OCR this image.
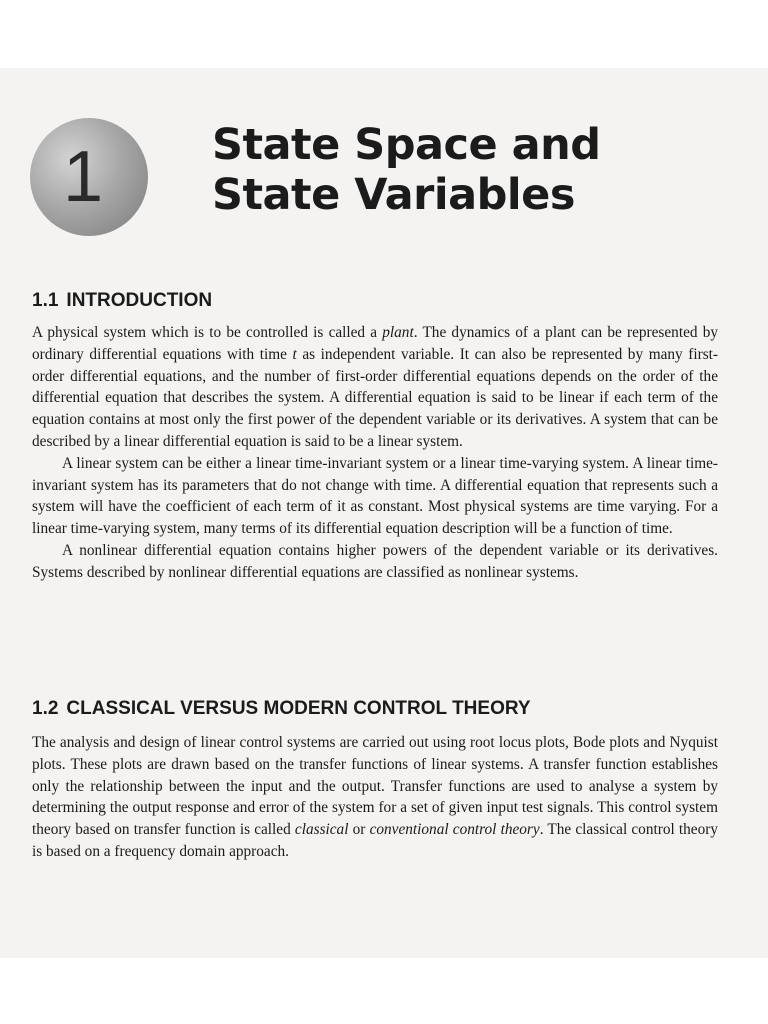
1	State Space and
State Variables
1.1 INTRODUCTION

A physical system which is to be controlled is called a plant. The dynamics of a plant can be represented by ordinary differential equations with time t as independent variable. It can also be represented by many first-order differential equations, and the number of first-order differential equations depends on the order of the differential equation that describes the system. A differential equation is said to be linear if each term of the equation contains at most only the first power of the dependent variable or its derivatives. A system that can be described by a linear differential equation is said to be a linear system.

A linear system can be either a linear time-invariant system or a linear time-varying system. A linear time-invariant system has its parameters that do not change with time. A differential equation that represents such a system will have the coefficient of each term of it as constant. Most physical systems are time varying. For a linear time-varying system, many terms of its differential equation description will be a function of time.

A nonlinear differential equation contains higher powers of the dependent variable or its derivatives. Systems described by nonlinear differential equations are classified as nonlinear systems.

1.2 CLASSICAL VERSUS MODERN CONTROL THEORY

The analysis and design of linear control systems are carried out using root locus plots, Bode plots and Nyquist plots. These plots are drawn based on the transfer functions of linear systems. A transfer function establishes only the relationship between the input and the output. Transfer functions are used to analyse a system by determining the output response and error of the system for a set of given input test signals. This control system theory based on transfer function is called classical or conventional control theory. The classical control theory is based on a frequency domain approach.
